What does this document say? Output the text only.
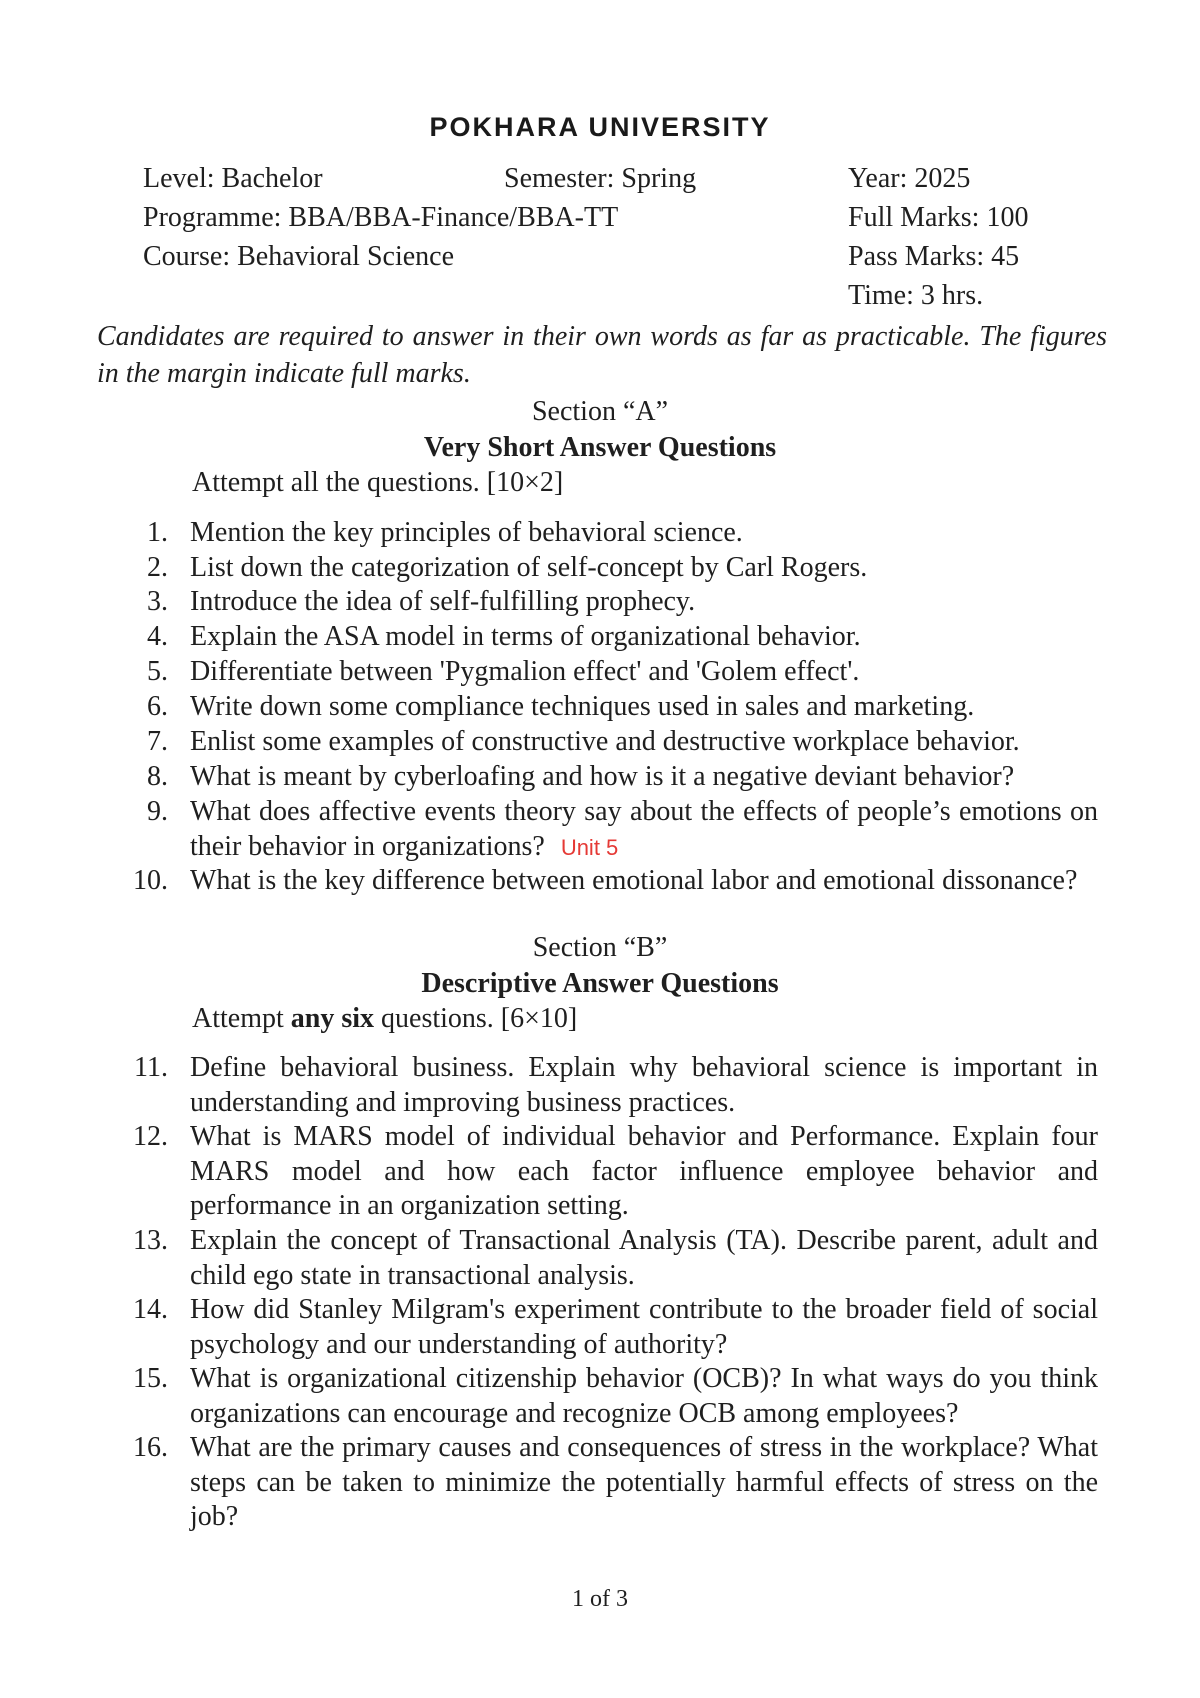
POKHARA UNIVERSITY
Level: Bachelor	Semester: Spring	Year: 2025
Programme: BBA/BBA-Finance/BBA-TT	Full Marks: 100
Course: Behavioral Science	Pass Marks: 45
Time: 3 hrs.
Candidates are required to answer in their own words as far as practicable. The figures in the margin indicate full marks.
Section “A”
Very Short Answer Questions
Attempt all the questions. [10×2]
1. Mention the key principles of behavioral science.
2. List down the categorization of self-concept by Carl Rogers.
3. Introduce the idea of self-fulfilling prophecy.
4. Explain the ASA model in terms of organizational behavior.
5. Differentiate between 'Pygmalion effect' and 'Golem effect'.
6. Write down some compliance techniques used in sales and marketing.
7. Enlist some examples of constructive and destructive workplace behavior.
8. What is meant by cyberloafing and how is it a negative deviant behavior?
9. What does affective events theory say about the effects of people’s emotions on their behavior in organizations? Unit 5
10. What is the key difference between emotional labor and emotional dissonance?
Section “B”
Descriptive Answer Questions
Attempt any six questions. [6×10]
11. Define behavioral business. Explain why behavioral science is important in understanding and improving business practices.
12. What is MARS model of individual behavior and Performance. Explain four MARS model and how each factor influence employee behavior and performance in an organization setting.
13. Explain the concept of Transactional Analysis (TA). Describe parent, adult and child ego state in transactional analysis.
14. How did Stanley Milgram's experiment contribute to the broader field of social psychology and our understanding of authority?
15. What is organizational citizenship behavior (OCB)? In what ways do you think organizations can encourage and recognize OCB among employees?
16. What are the primary causes and consequences of stress in the workplace? What steps can be taken to minimize the potentially harmful effects of stress on the job?
1 of 3
